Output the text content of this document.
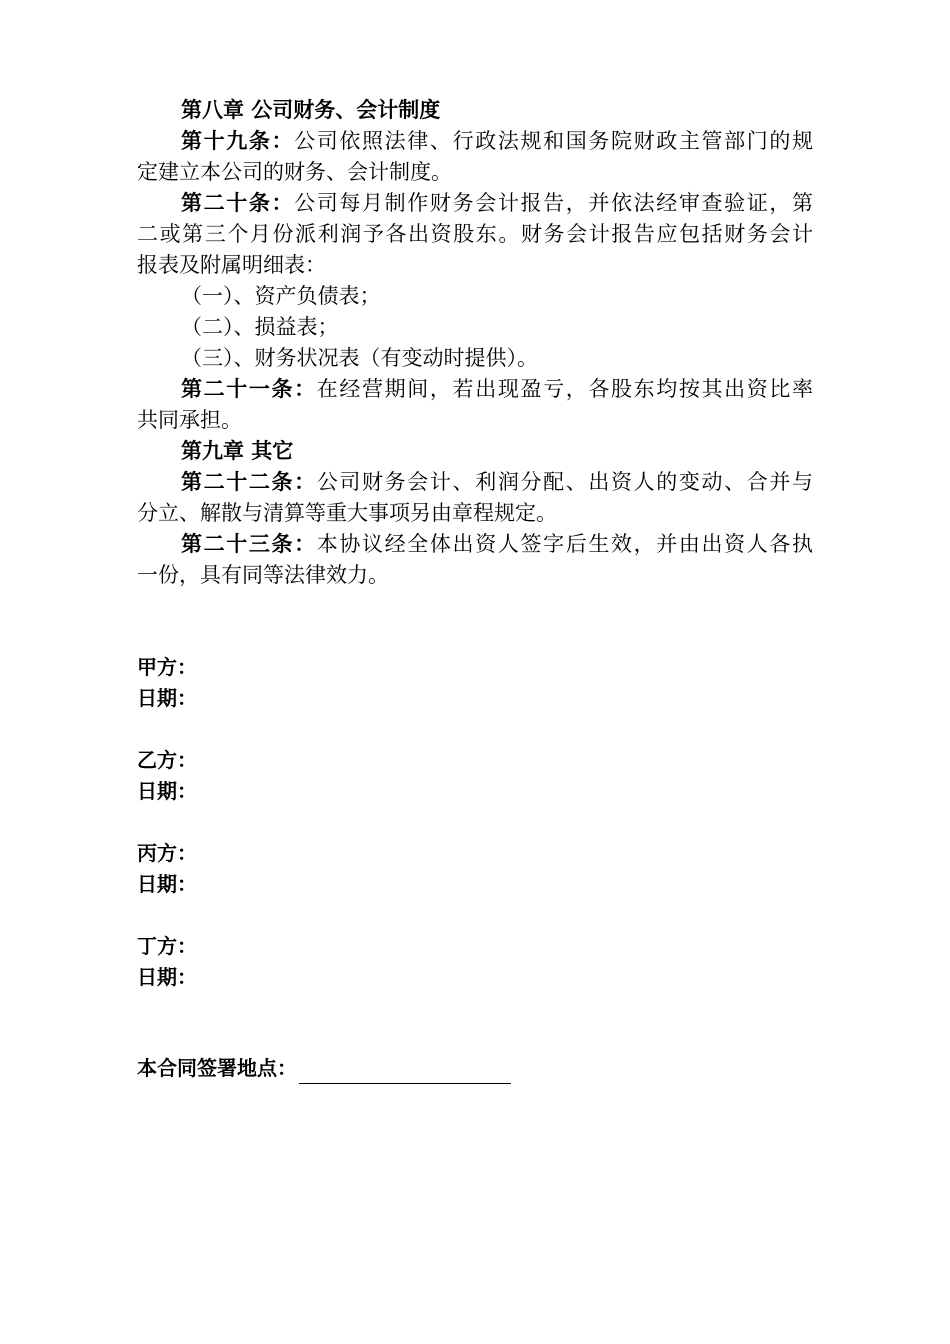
第八章 公司财务、会计制度
第十九条：公司依照法律、行政法规和国务院财政主管部门的规
定建立本公司的财务、会计制度。
第二十条：公司每月制作财务会计报告，并依法经审查验证，第
二或第三个月份派利润予各出资股东。财务会计报告应包括财务会计
报表及附属明细表：
（一）、资产负债表；
（二）、损益表；
（三）、财务状况表（有变动时提供）。
第二十一条：在经营期间，若出现盈亏，各股东均按其出资比率
共同承担。
第九章 其它
第二十二条：公司财务会计、利润分配、出资人的变动、合并与
分立、解散与清算等重大事项另由章程规定。
第二十三条：本协议经全体出资人签字后生效，并由出资人各执
一份，具有同等法律效力。
甲方：
日期：
乙方：
日期：
丙方：
日期：
丁方：
日期：
本合同签署地点：
